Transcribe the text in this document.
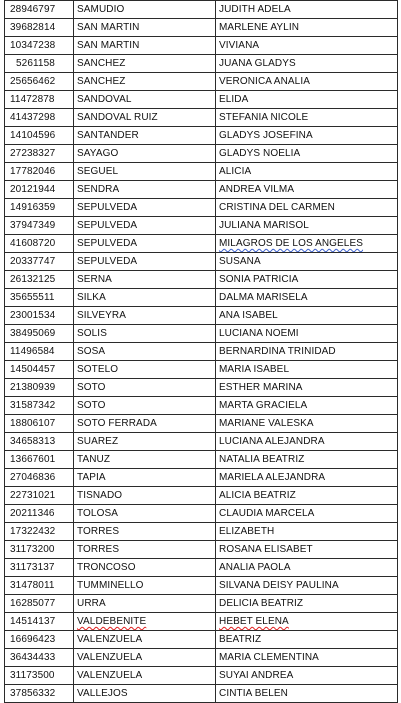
28946797	SAMUDIO	JUDITH ADELA
39682814	SAN MARTIN	MARLENE AYLIN
10347238	SAN MARTIN	VIVIANA
5261158	SANCHEZ	JUANA GLADYS
25656462	SANCHEZ	VERONICA ANALIA
11472878	SANDOVAL	ELIDA
41437298	SANDOVAL RUIZ	STEFANIA NICOLE
14104596	SANTANDER	GLADYS JOSEFINA
27238327	SAYAGO	GLADYS NOELIA
17782046	SEGUEL	ALICIA
20121944	SENDRA	ANDREA VILMA
14916359	SEPULVEDA	CRISTINA DEL CARMEN
37947349	SEPULVEDA	JULIANA MARISOL
41608720	SEPULVEDA	MILAGROS DE LOS ANGELES
20337747	SEPULVEDA	SUSANA
26132125	SERNA	SONIA PATRICIA
35655511	SILKA	DALMA MARISELA
23001534	SILVEYRA	ANA ISABEL
38495069	SOLIS	LUCIANA NOEMI
11496584	SOSA	BERNARDINA TRINIDAD
14504457	SOTELO	MARIA ISABEL
21380939	SOTO	ESTHER MARINA
31587342	SOTO	MARTA GRACIELA
18806107	SOTO FERRADA	MARIANE VALESKA
34658313	SUAREZ	LUCIANA ALEJANDRA
13667601	TANUZ	NATALIA BEATRIZ
27046836	TAPIA	MARIELA ALEJANDRA
22731021	TISNADO	ALICIA BEATRIZ
20211346	TOLOSA	CLAUDIA MARCELA
17322432	TORRES	ELIZABETH
31173200	TORRES	ROSANA ELISABET
31173137	TRONCOSO	ANALIA PAOLA
31478011	TUMMINELLO	SILVANA DEISY PAULINA
16285077	URRA	DELICIA BEATRIZ
14514137	VALDEBENITE	HEBET ELENA
16696423	VALENZUELA	BEATRIZ
36434433	VALENZUELA	MARIA CLEMENTINA
31173500	VALENZUELA	SUYAI ANDREA
37856332	VALLEJOS	CINTIA BELEN
